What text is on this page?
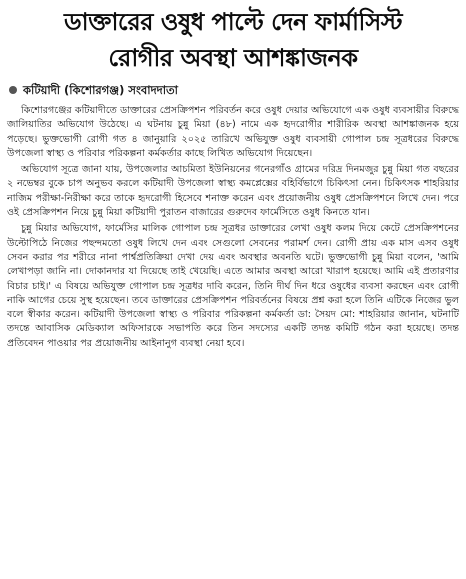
ডাক্তারের ওষুধ পাল্টে দেন ফার্মাসিস্ট
রোগীর অবস্থা আশঙ্কাজনক
কটিয়াদী (কিশোরগঞ্জ) সংবাদদাতা

কিশোরগঞ্জের কটিয়াদীতে ডাক্তারের প্রেসক্রিপশন পরিবর্তন করে ওষুধ দেয়ার অভিযোগে এক ওষুধ ব্যবসায়ীর বিরুদ্ধে জালিয়াতির অভিযোগ উঠেছে। এ ঘটনায় চুন্নু মিয়া (৪৮) নামে এক হৃদরোগীর শারীরিক অবস্থা আশঙ্কাজনক হয়ে পড়েছে। ভুক্তভোগী রোগী গত ৪ জানুয়ারি ২০২৫ তারিখে অভিযুক্ত ওষুধ ব্যবসায়ী গোপাল চন্দ্র সূত্রধরের বিরুদ্ধে উপজেলা স্বাস্থ্য ও পরিবার পরিকল্পনা কর্মকর্তার কাছে লিখিত অভিযোগ দিয়েছেন।

অভিযোগ সূত্রে জানা যায়, উপজেলার আচমিতা ইউনিয়নের গনেরগাঁও গ্রামের দরিদ্র দিনমজুর চুন্নু মিয়া গত বছরের ২ নভেম্বর বুকে চাপ অনুভব করলে কটিয়াদী উপজেলা স্বাস্থ্য কমপ্লেক্সের বহির্বিভাগে চিকিৎসা নেন। চিকিৎসক শাহরিয়ার নাজিম পরীক্ষা-নিরীক্ষা করে তাকে হৃদরোগী হিসেবে শনাক্ত করেন এবং প্রয়োজনীয় ওষুধ প্রেসক্রিপশনে লিখে দেন। পরে ওই প্রেসক্রিপশন নিয়ে চুন্নু মিয়া কটিয়াদী পুরাতন বাজারের গুরুদেব ফার্মেসিতে ওষুধ কিনতে যান।

চুন্নু মিয়ার অভিযোগ, ফার্মেসির মালিক গোপাল চন্দ্র সূত্রধর ডাক্তারের লেখা ওষুধ কলম দিয়ে কেটে প্রেসক্রিপশনের উল্টোপিঠে নিজের পছন্দমতো ওষুধ লিখে দেন এবং সেগুলো সেবনের পরামর্শ দেন। রোগী প্রায় এক মাস এসব ওষুধ সেবন করার পর শরীরে নানা পার্শ্বপ্রতিক্রিয়া দেখা দেয় এবং অবস্থার অবনতি ঘটে। ভুক্তভোগী চুন্নু মিয়া বলেন, 'আমি লেখাপড়া জানি না। দোকানদার যা দিয়েছে তাই খেয়েছি। এতে আমার অবস্থা আরো খারাপ হয়েছে। আমি এই প্রতারণার বিচার চাই।' এ বিষয়ে অভিযুক্ত গোপাল চন্দ্র সূত্রধর দাবি করেন, তিনি দীর্ঘ দিন ধরে ওষুধের ব্যবসা করছেন এবং রোগী নাকি আগের চেয়ে সুস্থ হয়েছেন। তবে ডাক্তারের প্রেসক্রিপশন পরিবর্তনের বিষয়ে প্রশ্ন করা হলে তিনি এটিকে নিজের ভুল বলে স্বীকার করেন। কটিয়াদী উপজেলা স্বাস্থ্য ও পরিবার পরিকল্পনা কর্মকর্তা ডা: সৈয়দ মো: শাহরিয়ার জানান, ঘটনাটি তদন্তে আবাসিক মেডিক্যাল অফিসারকে সভাপতি করে তিন সদস্যের একটি তদন্ত কমিটি গঠন করা হয়েছে। তদন্ত প্রতিবেদন পাওয়ার পর প্রয়োজনীয় আইনানুগ ব্যবস্থা নেয়া হবে।
